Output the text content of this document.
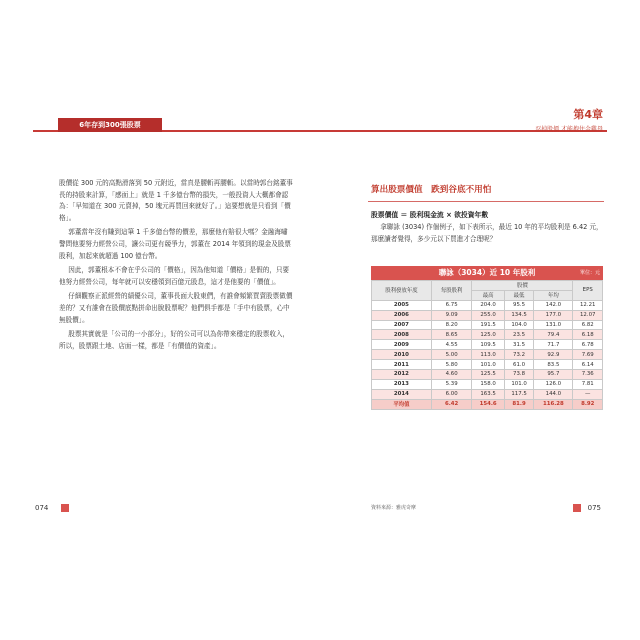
6年存到300張股票
第4章
忍掉股價 才能抱住金雞母

股價從 300 元的高點滑落到 50 元附近，當真是腰斬再腰斬。以當時郭台銘董事長的持股來計算，「感面上」就是 1 千多億台幣的損失，一般投資人大概都會認為：「早知道在 300 元賣掉，50 塊元再買回來就好了。」這要想就是只看到「價格」。

郭董當年沒有賺到這筆 1 千多億台幣的價差，那麼他有賠很大嗎？金融海嘯警問他要努力經營公司，讓公司更有競爭力，郭董在 2014 年領到的現金及股票股利，加起來就超過 100 億台幣。

因此，郭董根本不會在乎公司的「價格」，因為他知道「價格」是假的，只要他努力經營公司，每年就可以安穩領到百億元股息，這才是他要的「價值」。

仔細觀察正派經營的績優公司，董事長面大股東們，有誰會頻繁買賣股票做價差的？又有誰會在股價底點拼命出脫股票呢？他們俱手都是「手中有股票，心中無股價」。

股票其實就是「公司的一小部分」，好的公司可以為你帶來穩定的股票收入，所以，股票跟土地、店面一樣，都是「有價值的資產」。

算出股票價值　跌到谷底不用怕
股票價值 ＝ 股利現金流 × 欲投資年數
拿聯詠 (3034) 作個例子，如下表所示，最近 10 年的平均股利是 6.42 元，那麼讀者覺得，多少元以下買進才合理呢？
聯詠（3034）近 10 年股利	單位：元
股利發放年度	每股股利	股價			EPS
		最高	最低	年均	
2005	6.75	204.0	95.5	142.0	12.21
2006	9.09	255.0	134.5	177.0	12.07
2007	8.20	191.5	104.0	131.0	6.82
2008	8.65	125.0	23.5	79.4	6.18
2009	4.55	109.5	31.5	71.7	6.78
2010	5.00	113.0	73.2	92.9	7.69
2011	5.80	101.0	61.0	83.5	6.14
2012	4.60	125.5	73.8	95.7	7.36
2013	5.39	158.0	101.0	126.0	7.81
2014	6.00	163.5	117.5	144.0	—
平均值	6.42	154.6	81.9	116.28	8.92
資料來源：雅虎奇摩
074	075
